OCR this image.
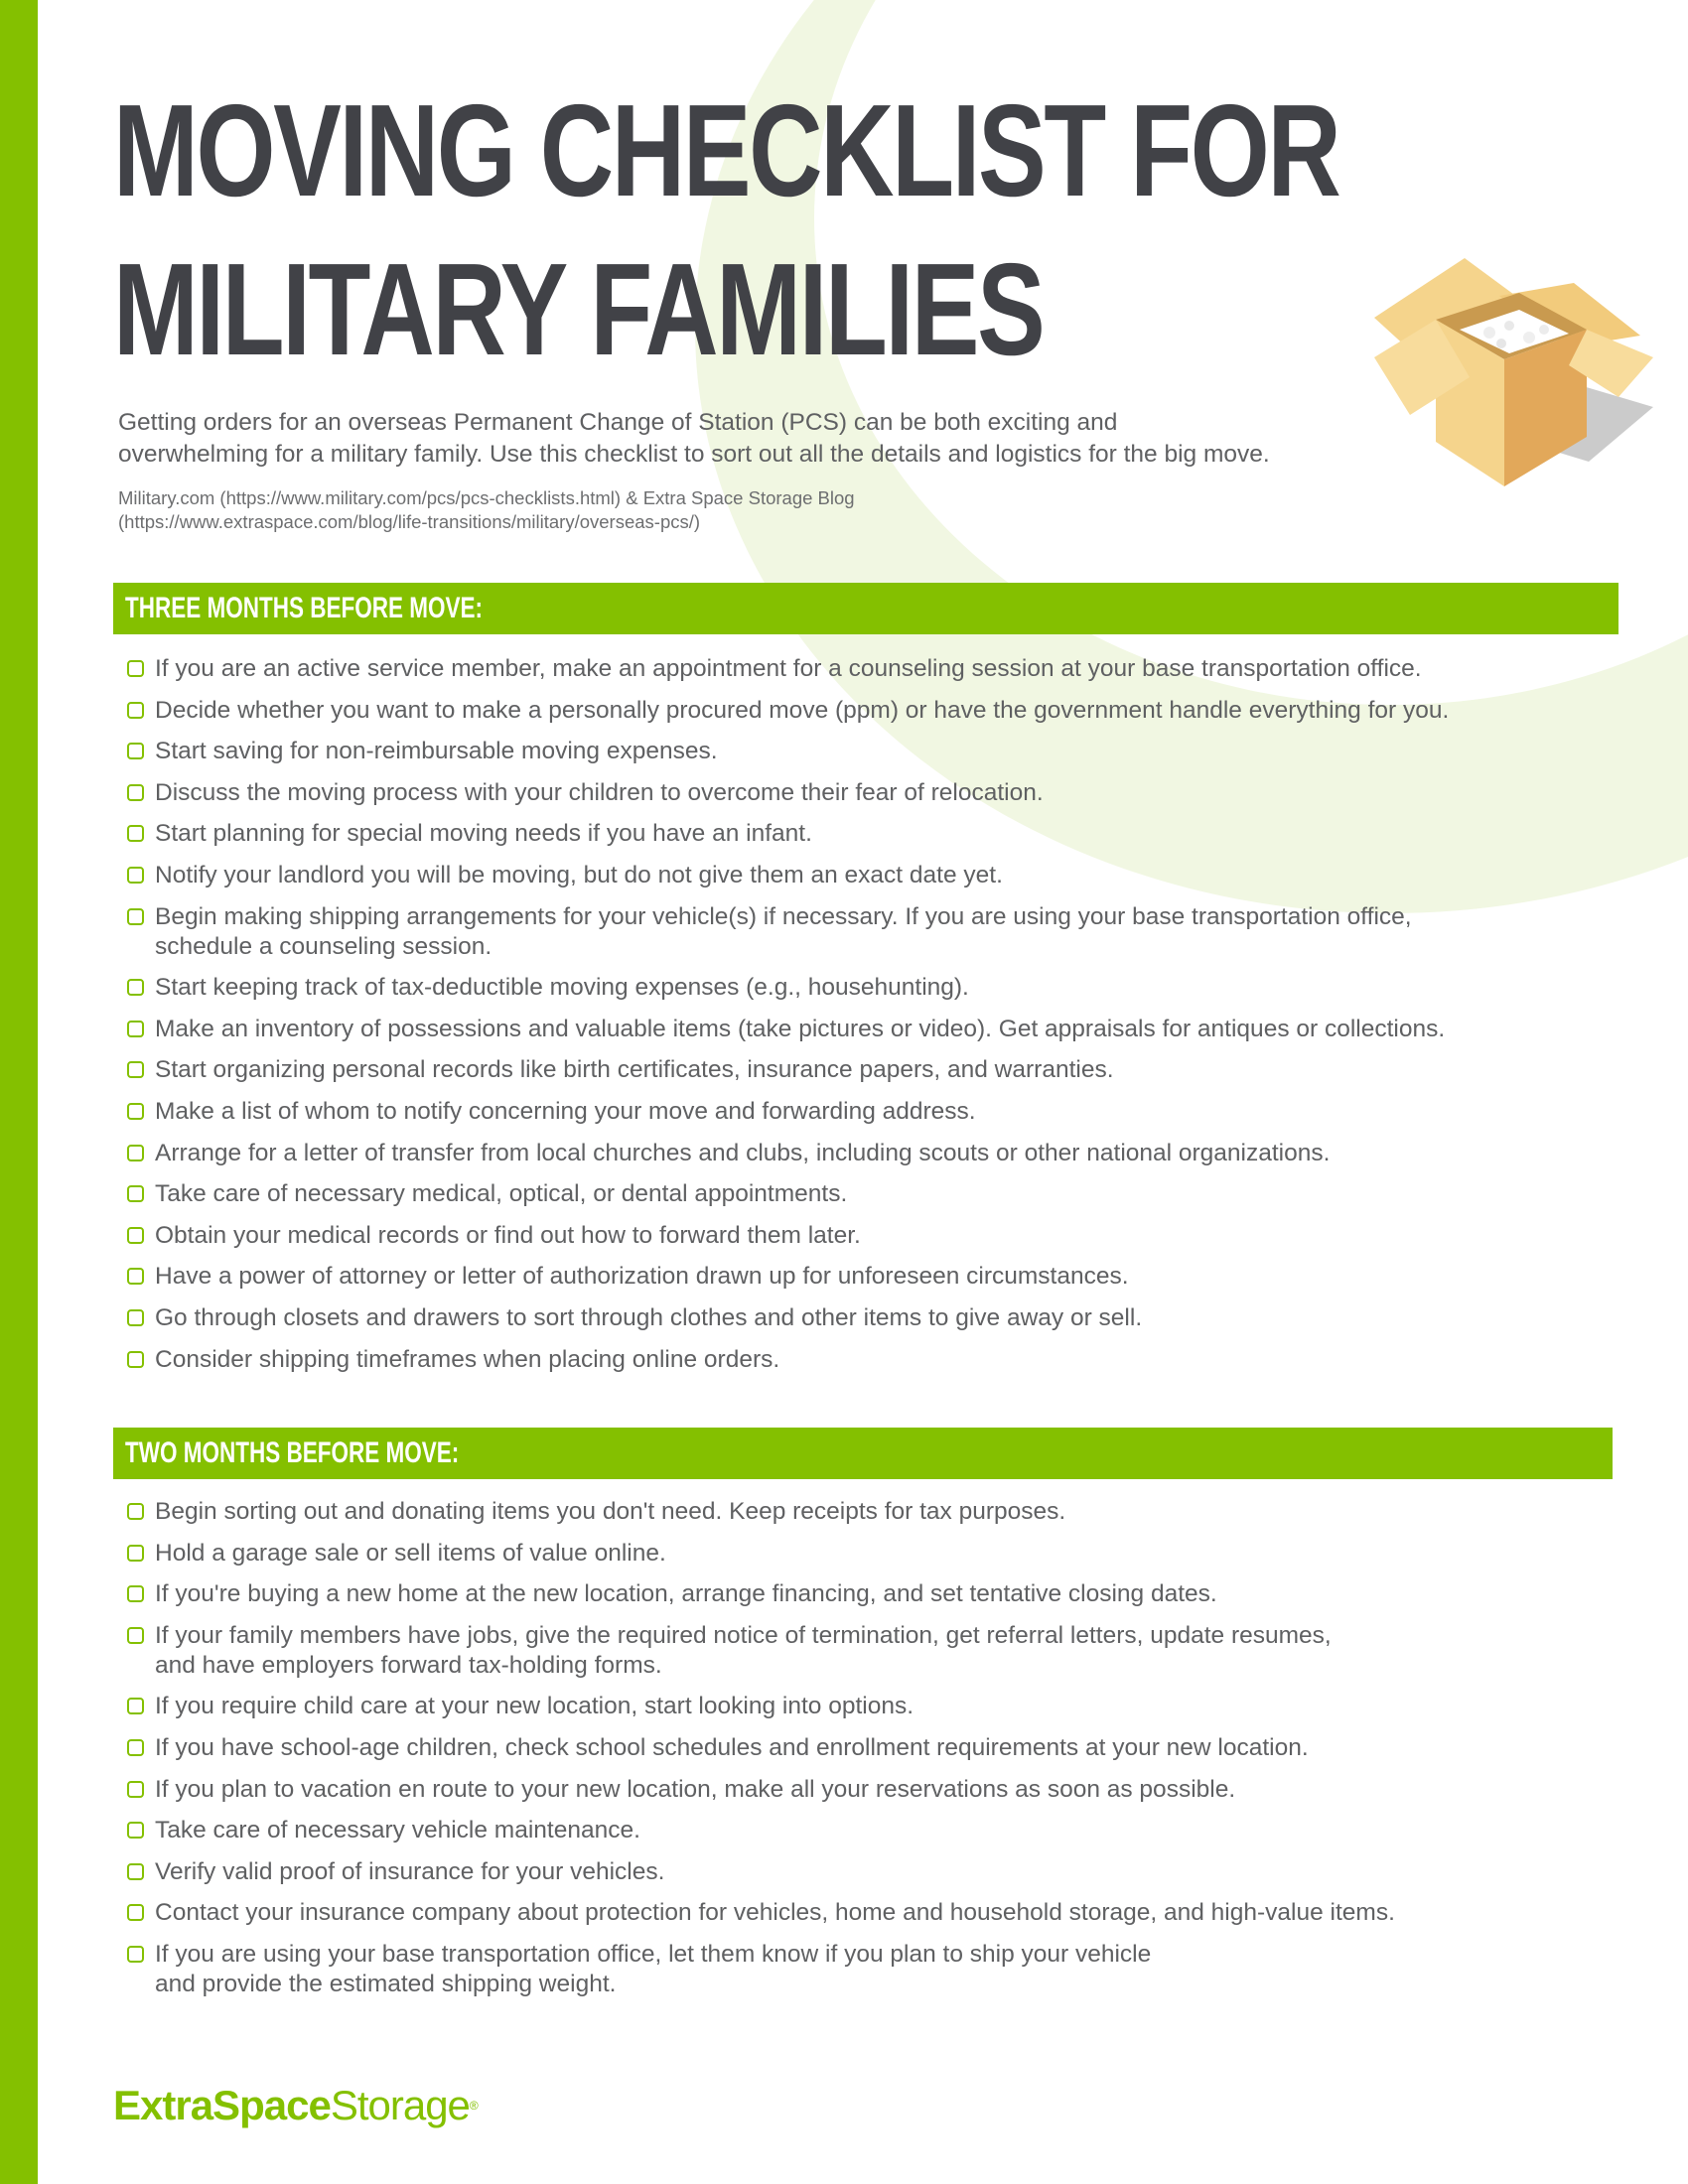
MOVING CHECKLIST FOR
MILITARY FAMILIES

Getting orders for an overseas Permanent Change of Station (PCS) can be both exciting and
overwhelming for a military family. Use this checklist to sort out all the details and logistics for the big move.

Military.com (https://www.military.com/pcs/pcs-checklists.html) & Extra Space Storage Blog
(https://www.extraspace.com/blog/life-transitions/military/overseas-pcs/)

THREE MONTHS BEFORE MOVE:
If you are an active service member, make an appointment for a counseling session at your base transportation office.
Decide whether you want to make a personally procured move (ppm) or have the government handle everything for you.
Start saving for non-reimbursable moving expenses.
Discuss the moving process with your children to overcome their fear of relocation.
Start planning for special moving needs if you have an infant.
Notify your landlord you will be moving, but do not give them an exact date yet.
Begin making shipping arrangements for your vehicle(s) if necessary. If you are using your base transportation office,
schedule a counseling session.
Start keeping track of tax-deductible moving expenses (e.g., househunting).
Make an inventory of possessions and valuable items (take pictures or video). Get appraisals for antiques or collections.
Start organizing personal records like birth certificates, insurance papers, and warranties.
Make a list of whom to notify concerning your move and forwarding address.
Arrange for a letter of transfer from local churches and clubs, including scouts or other national organizations.
Take care of necessary medical, optical, or dental appointments.
Obtain your medical records or find out how to forward them later.
Have a power of attorney or letter of authorization drawn up for unforeseen circumstances.
Go through closets and drawers to sort through clothes and other items to give away or sell.
Consider shipping timeframes when placing online orders.
TWO MONTHS BEFORE MOVE:
Begin sorting out and donating items you don't need. Keep receipts for tax purposes.
Hold a garage sale or sell items of value online.
If you're buying a new home at the new location, arrange financing, and set tentative closing dates.
If your family members have jobs, give the required notice of termination, get referral letters, update resumes,
and have employers forward tax-holding forms.
If you require child care at your new location, start looking into options.
If you have school-age children, check school schedules and enrollment requirements at your new location.
If you plan to vacation en route to your new location, make all your reservations as soon as possible.
Take care of necessary vehicle maintenance.
Verify valid proof of insurance for your vehicles.
Contact your insurance company about protection for vehicles, home and household storage, and high-value items.
If you are using your base transportation office, let them know if you plan to ship your vehicle
and provide the estimated shipping weight.
ExtraSpaceStorage®
